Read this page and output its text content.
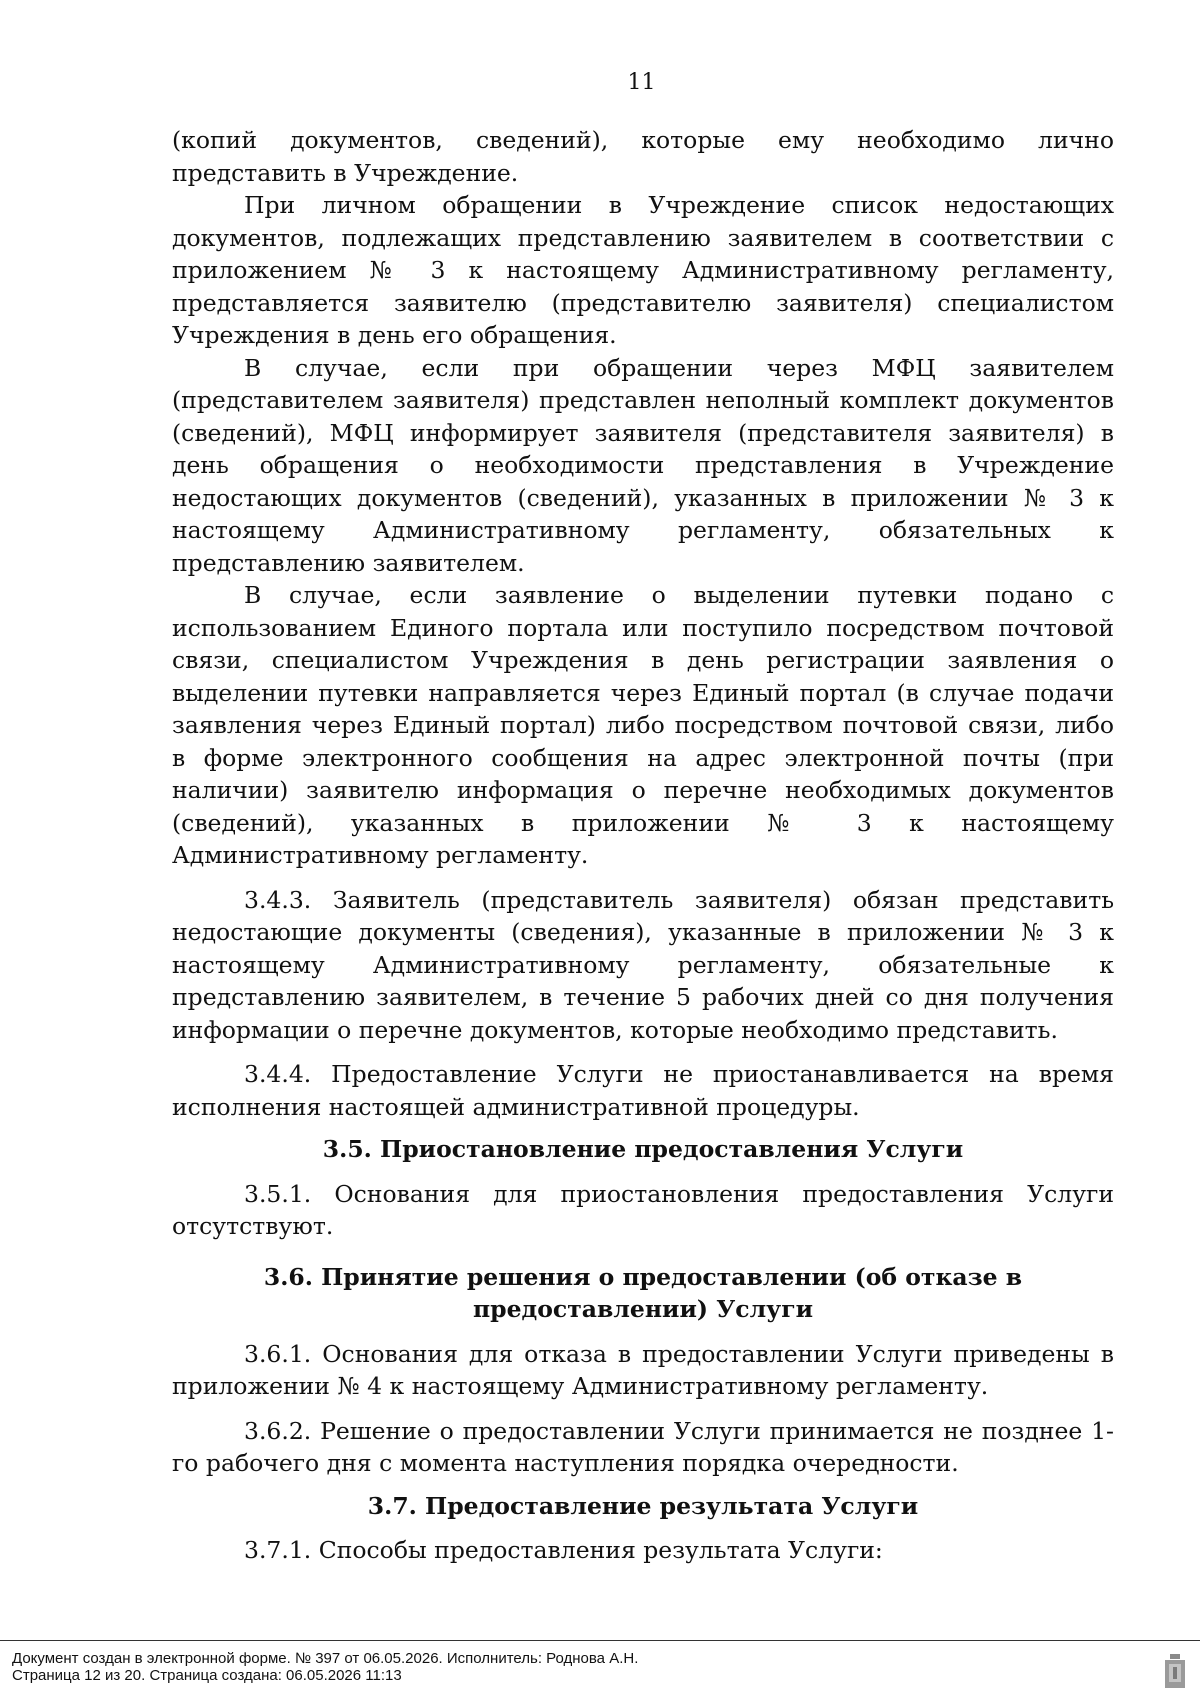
11

(копий документов, сведений), которые ему необходимо лично представить в Учреждение.

При личном обращении в Учреждение список недостающих документов, подлежащих представлению заявителем в соответствии с приложением № 3 к настоящему Административному регламенту, представляется заявителю (представителю заявителя) специалистом Учреждения в день его обращения.

В случае, если при обращении через МФЦ заявителем (представителем заявителя) представлен неполный комплект документов (сведений), МФЦ информирует заявителя (представителя заявителя) в день обращения о необходимости представления в Учреждение недостающих документов (сведений), указанных в приложении № 3 к настоящему Административному регламенту, обязательных к представлению заявителем.

В случае, если заявление о выделении путевки подано с использованием Единого портала или поступило посредством почтовой связи, специалистом Учреждения в день регистрации заявления о выделении путевки направляется через Единый портал (в случае подачи заявления через Единый портал) либо посредством почтовой связи, либо в форме электронного сообщения на адрес электронной почты (при наличии) заявителю информация о перечне необходимых документов (сведений), указанных в приложении № 3 к настоящему Административному регламенту.

3.4.3. Заявитель (представитель заявителя) обязан представить недостающие документы (сведения), указанные в приложении № 3 к настоящему Административному регламенту, обязательные к представлению заявителем, в течение 5 рабочих дней со дня получения информации о перечне документов, которые необходимо представить.

3.4.4. Предоставление Услуги не приостанавливается на время исполнения настоящей административной процедуры.

3.5. Приостановление предоставления Услуги

3.5.1. Основания для приостановления предоставления Услуги отсутствуют.

3.6. Принятие решения о предоставлении (об отказе в предоставлении) Услуги

3.6.1. Основания для отказа в предоставлении Услуги приведены в приложении № 4 к настоящему Административному регламенту.

3.6.2. Решение о предоставлении Услуги принимается не позднее 1-го рабочего дня с момента наступления порядка очередности.

3.7. Предоставление результата Услуги

3.7.1. Способы предоставления результата Услуги:

Документ создан в электронной форме. № 397 от 06.05.2026. Исполнитель: Роднова А.Н.
Страница 12 из 20. Страница создана: 06.05.2026 11:13
